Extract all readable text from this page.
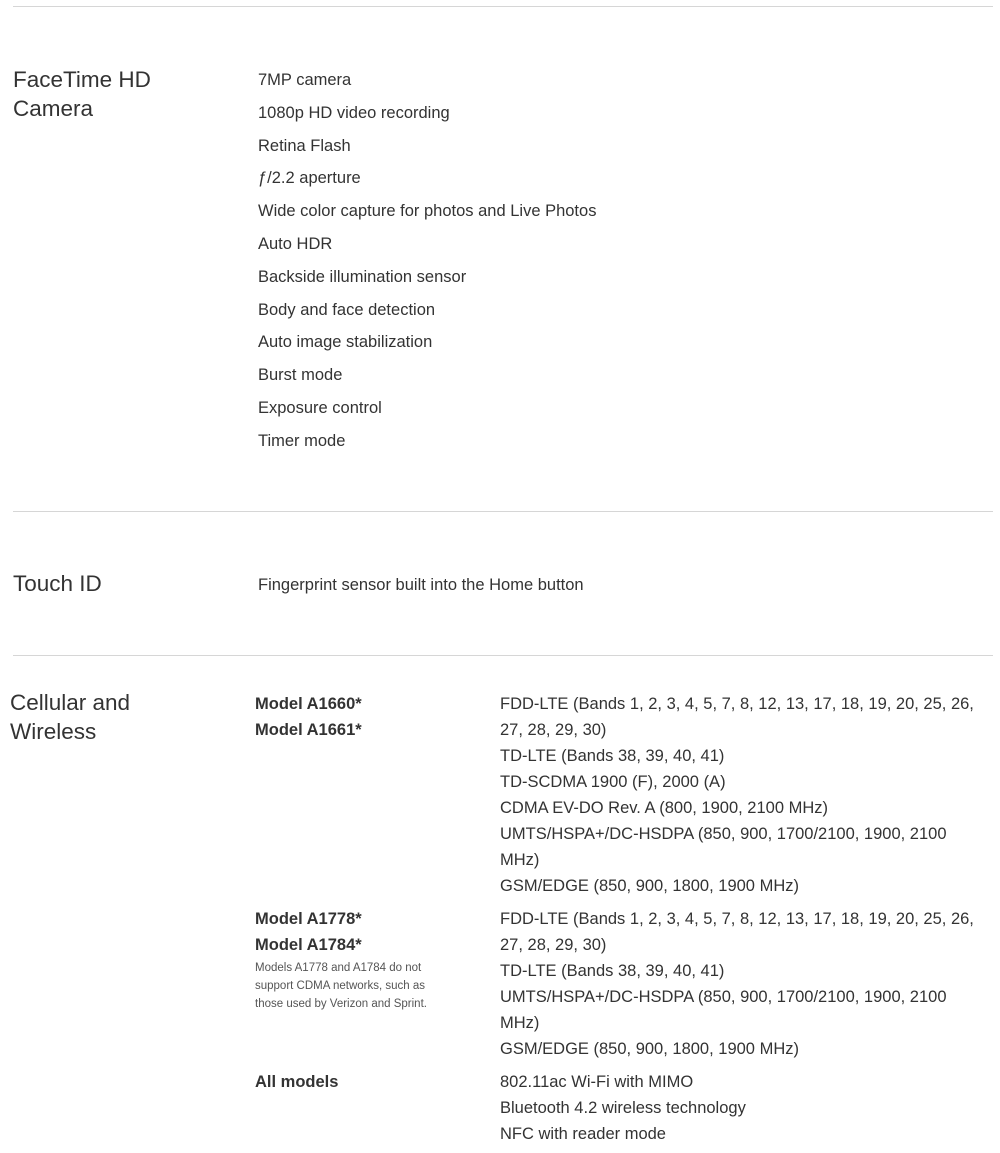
FaceTime HD Camera
7MP camera
1080p HD video recording
Retina Flash
ƒ/2.2 aperture
Wide color capture for photos and Live Photos
Auto HDR
Backside illumination sensor
Body and face detection
Auto image stabilization
Burst mode
Exposure control
Timer mode
Touch ID	Fingerprint sensor built into the Home button
Cellular and Wireless
Model A1660*
Model A1661*
FDD-LTE (Bands 1, 2, 3, 4, 5, 7, 8, 12, 13, 17, 18, 19, 20, 25, 26, 27, 28, 29, 30)
TD-LTE (Bands 38, 39, 40, 41)
TD-SCDMA 1900 (F), 2000 (A)
CDMA EV-DO Rev. A (800, 1900, 2100 MHz)
UMTS/HSPA+/DC-HSDPA (850, 900, 1700/2100, 1900, 2100 MHz)
GSM/EDGE (850, 900, 1800, 1900 MHz)
Model A1778*
Model A1784*
Models A1778 and A1784 do not support CDMA networks, such as those used by Verizon and Sprint.
FDD-LTE (Bands 1, 2, 3, 4, 5, 7, 8, 12, 13, 17, 18, 19, 20, 25, 26, 27, 28, 29, 30)
TD-LTE (Bands 38, 39, 40, 41)
UMTS/HSPA+/DC-HSDPA (850, 900, 1700/2100, 1900, 2100 MHz)
GSM/EDGE (850, 900, 1800, 1900 MHz)
All models	802.11ac Wi-Fi with MIMO
Bluetooth 4.2 wireless technology
NFC with reader mode
